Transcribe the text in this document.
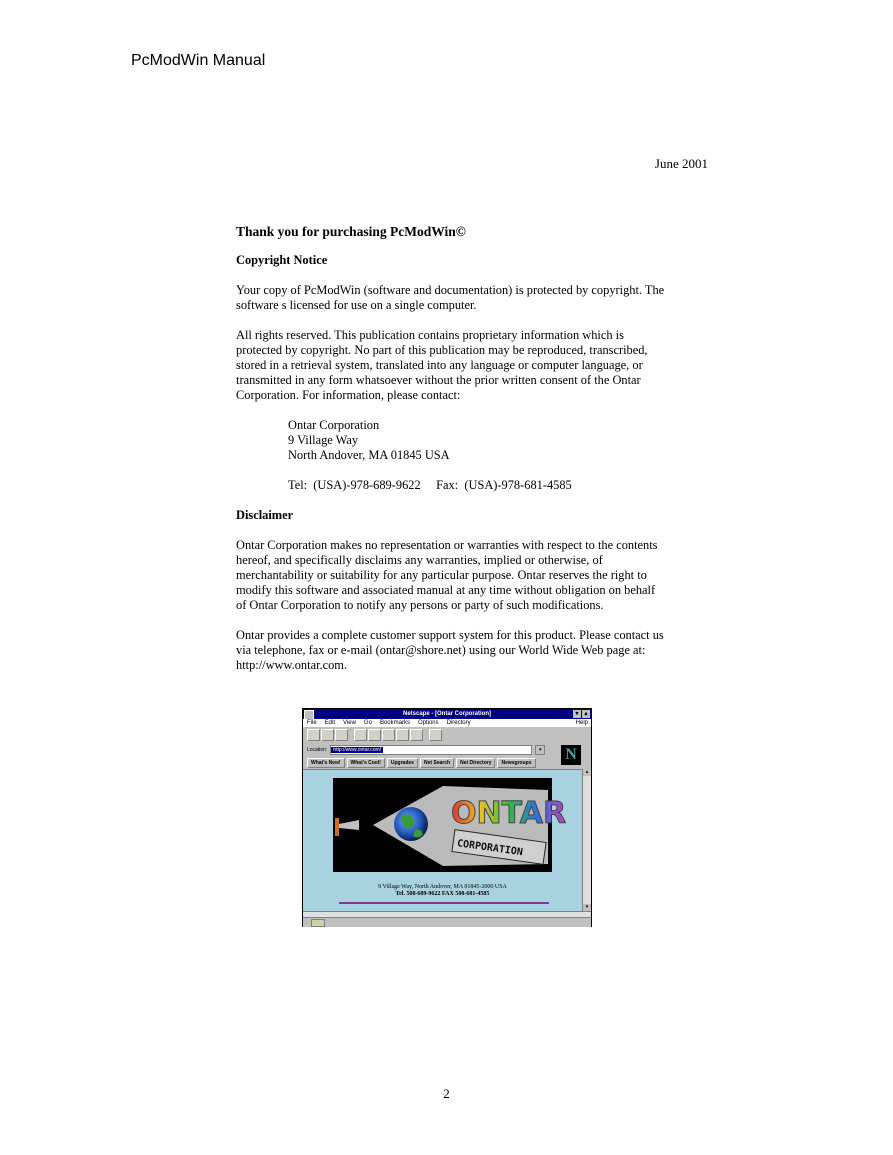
PcModWin Manual
June 2001
Thank you for purchasing PcModWin©
Copyright Notice

Your copy of PcModWin (software and documentation) is protected by copyright. The software s licensed for use on a single computer.

All rights reserved. This publication contains proprietary information which is protected by copyright. No part of this publication may be reproduced, transcribed, stored in a retrieval system, translated into any language or computer language, or transmitted in any form whatsoever without the prior written consent of the Ontar Corporation. For information, please contact:

Ontar Corporation
9 Village Way
North Andover, MA 01845 USA
Tel:  (USA)-978-689-9622     Fax:  (USA)-978-681-4585
Disclaimer

Ontar Corporation makes no representation or warranties with respect to the contents hereof, and specifically disclaims any warranties, implied or otherwise, of merchantability or suitability for any particular purpose. Ontar reserves the right to modify this software and associated manual at any time without obligation on behalf of Ontar Corporation to notify any persons or party of such modifications.

Ontar provides a complete customer support system for this product. Please contact us via telephone, fax or e-mail (ontar@shore.net) using our World Wide Web page at: http://www.ontar.com.

Netscape - [Ontar Corporation]	▾ ▴
File Edit View Go Bookmarks Options Directory	Help
Location:	http://www.ontar.com/	▾ N
What's New!	What's Cool!	Upgrades	Net Search	Net Directory	Newsgroups
ONTAR
CORPORATION
9 Village Way, North Andover, MA 01845-2000 USA
Tel. 508-689-9622 FAX 508-681-4585
▴
▾
2
